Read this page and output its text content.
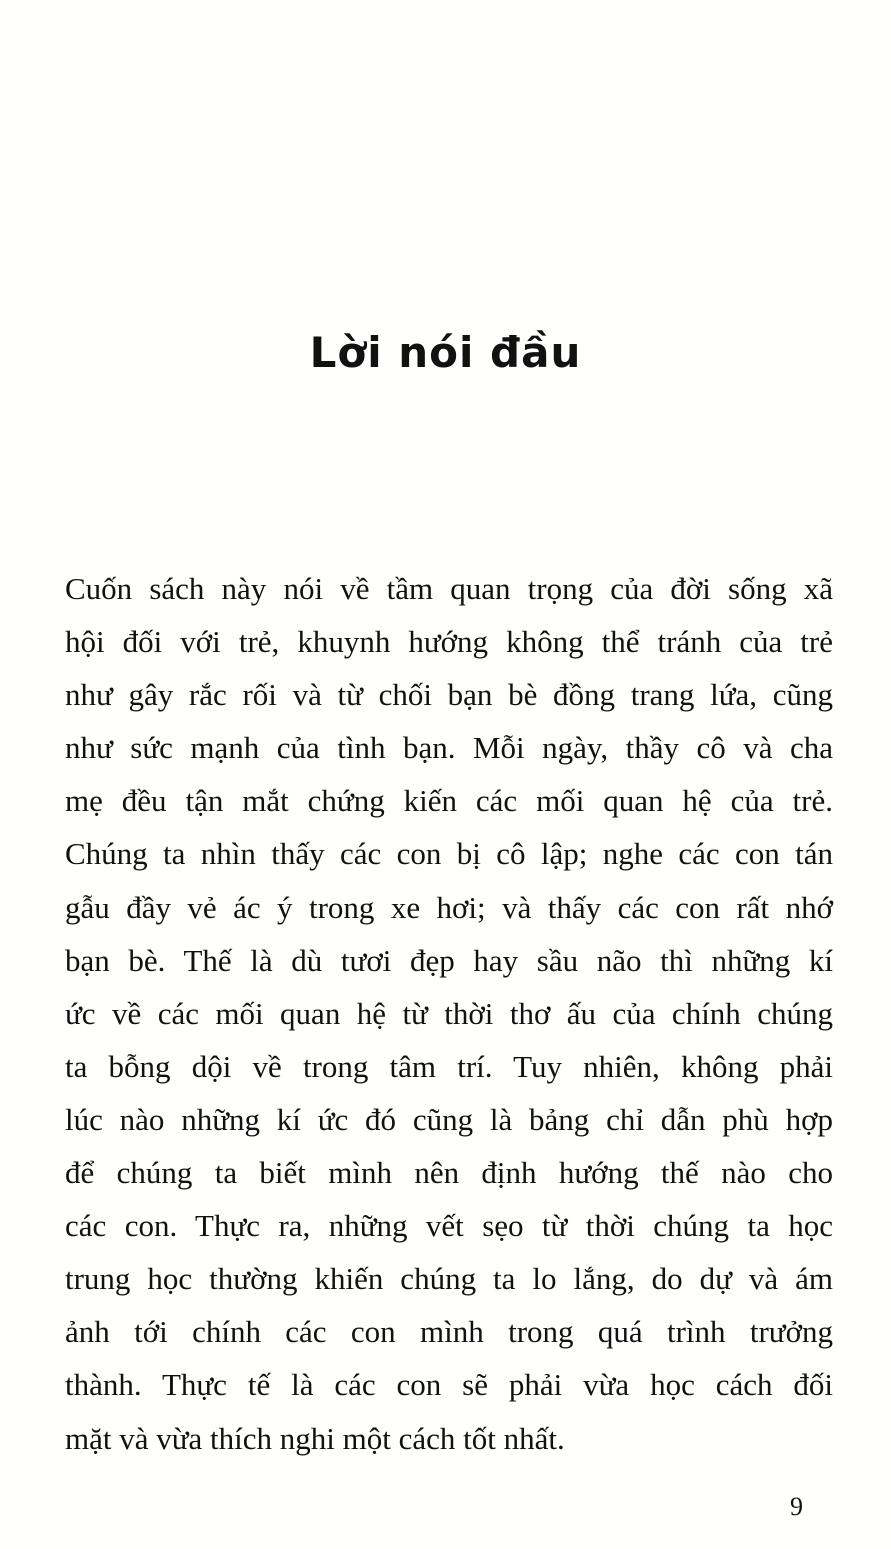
Lời nói đầu
Cuốn sách này nói về tầm quan trọng của đời sống xã
hội đối với trẻ, khuynh hướng không thể tránh của trẻ
như gây rắc rối và từ chối bạn bè đồng trang lứa, cũng
như sức mạnh của tình bạn. Mỗi ngày, thầy cô và cha
mẹ đều tận mắt chứng kiến các mối quan hệ của trẻ.
Chúng ta nhìn thấy các con bị cô lập; nghe các con tán
gẫu đầy vẻ ác ý trong xe hơi; và thấy các con rất nhớ
bạn bè. Thế là dù tươi đẹp hay sầu não thì những kí
ức về các mối quan hệ từ thời thơ ấu của chính chúng
ta bỗng dội về trong tâm trí. Tuy nhiên, không phải
lúc nào những kí ức đó cũng là bảng chỉ dẫn phù hợp
để chúng ta biết mình nên định hướng thế nào cho
các con. Thực ra, những vết sẹo từ thời chúng ta học
trung học thường khiến chúng ta lo lắng, do dự và ám
ảnh tới chính các con mình trong quá trình trưởng
thành. Thực tế là các con sẽ phải vừa học cách đối
mặt và vừa thích nghi một cách tốt nhất.
9
